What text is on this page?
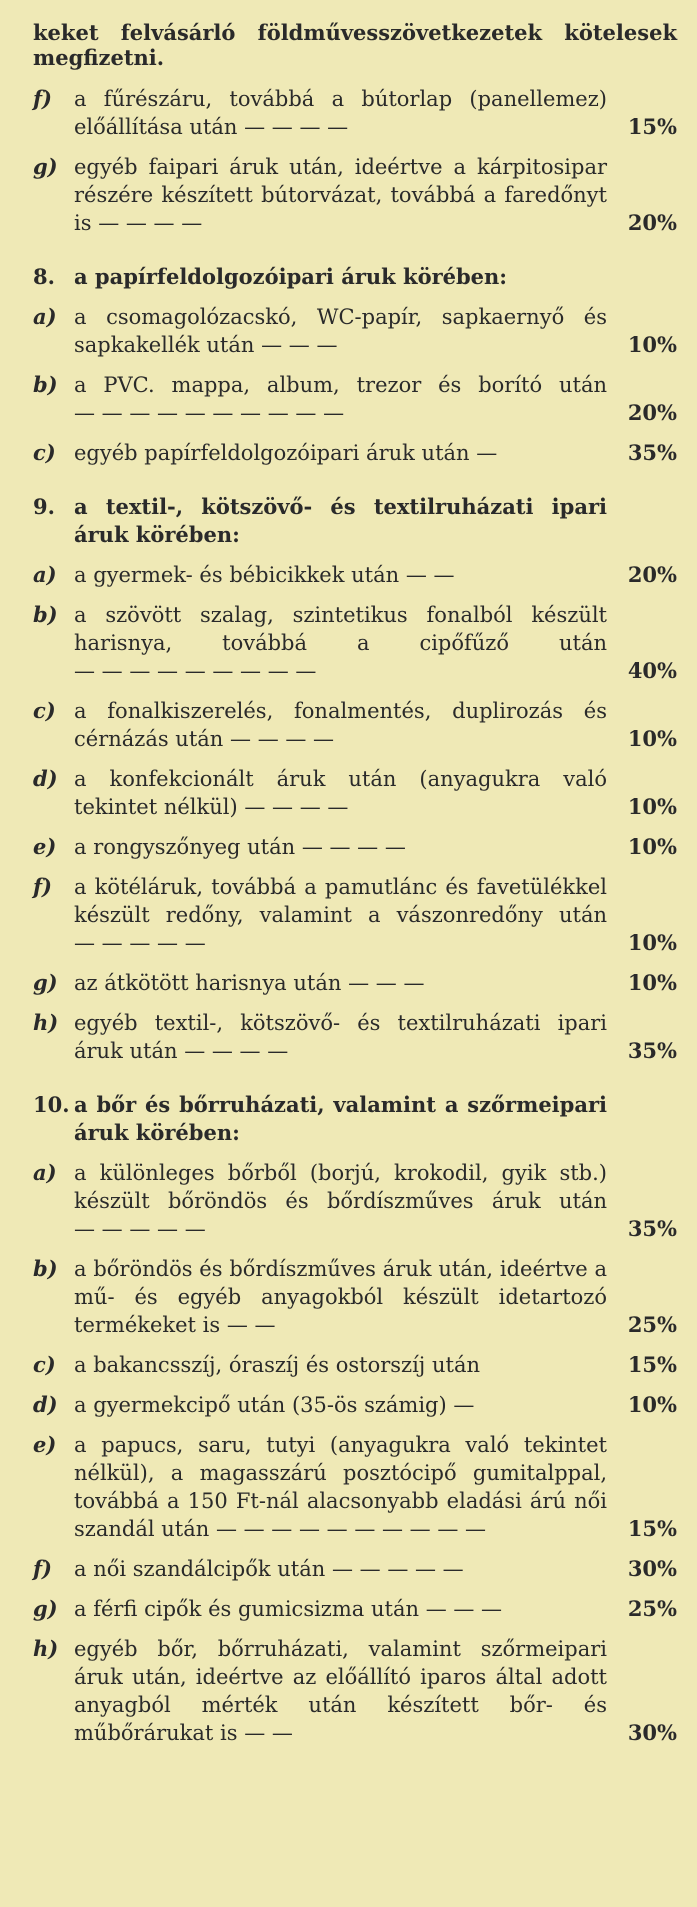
keket felvásárló földművesszövetkezetek kötelesek megfizetni.

f)	a fűrészáru, továbbá a bútorlap (panellemez) előállítása után — — — —	15%
g) egyéb faipari áruk után, ideértve a kárpitosipar részére készített bútorvázat, továbbá a faredőnyt is — — — —	20%
8. a papírfeldolgozóipari áruk körében:
a) a csomagolózacskó, WC-papír, sapkaernyő és sapkakellék után — — —	10%
b) a PVC. mappa, album, trezor és borító után — — — — — — — — — —	20%
c) egyéb papírfeldolgozóipari áruk után —	35%
9. a textil-, kötszövő- és textilruházati ipari áruk körében:
a) a gyermek- és bébicikkek után — —	20%
b) a szövött szalag, szintetikus fonalból készült harisnya, továbbá a cipőfűző után — — — — — — — — —	40%
c) a fonalkiszerelés, fonalmentés, duplirozás és cérnázás után — — — —	10%
d) a konfekcionált áruk után (anyagukra való tekintet nélkül) — — — —	10%
e) a rongyszőnyeg után — — — —	10%
f)	a kötéláruk, továbbá a pamutlánc és favetülékkel készült redőny, valamint a vászonredőny után — — — — —	10%
g) az átkötött harisnya után — — —	10%
h) egyéb textil-, kötszövő- és textilruházati ipari áruk után — — — —	35%
10. a bőr és bőrruházati, valamint a szőrmeipari áruk körében:
a) a különleges bőrből (borjú, krokodil, gyik stb.) készült bőröndös és bőrdíszműves áruk után — — — — —	35%
b) a bőröndös és bőrdíszműves áruk után, ideértve a mű- és egyéb anyagokból készült idetartozó termékeket is — —	25%
c) a bakancsszíj, óraszíj és ostorszíj után	15%
d) a gyermekcipő után (35-ös számig) —	10%
e) a papucs, saru, tutyi (anyagukra való tekintet nélkül), a magasszárú posztócipő gumitalppal, továbbá a 150 Ft-nál alacsonyabb eladási árú női szandál után — — — — — — — — — —	15%
f)	a női szandálcipők után — — — — —	30%
g) a férfi cipők és gumicsizma után — — —	25%
h) egyéb bőr, bőrruházati, valamint szőrmeipari áruk után, ideértve az előállító iparos által adott anyagból mérték után készített bőr- és műbőrárukat is — —	30%
